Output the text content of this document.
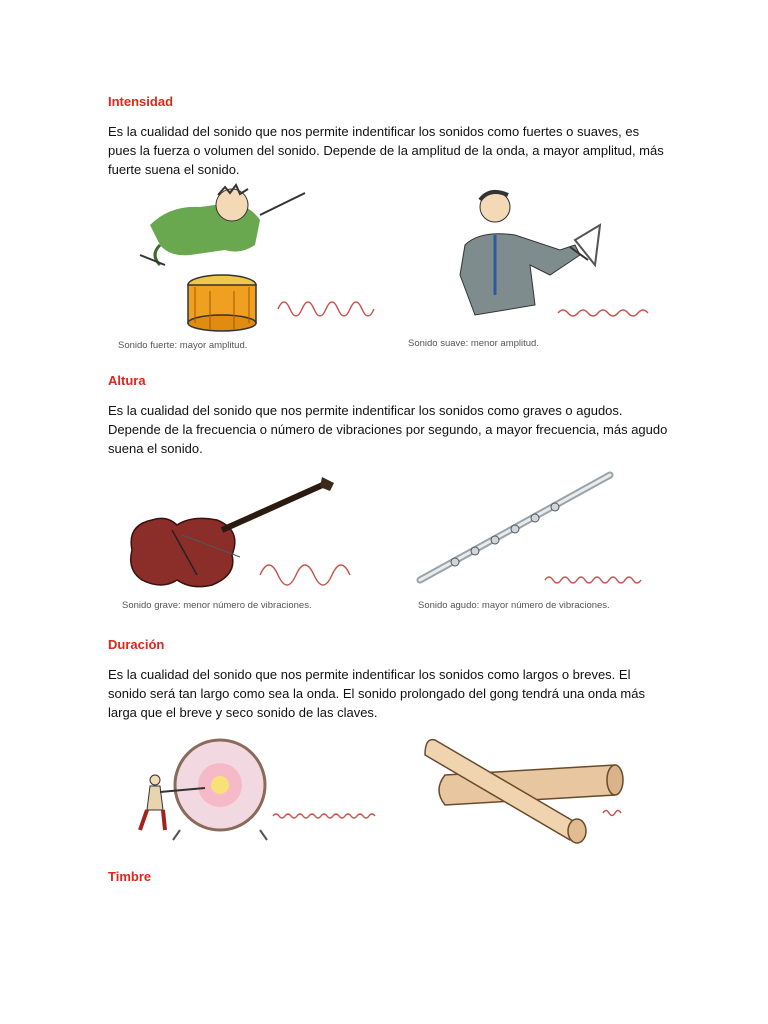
Intensidad
Es la cualidad del sonido que nos permite indentificar los sonidos como fuertes o suaves, es pues la fuerza o volumen del sonido. Depende de la amplitud de la onda, a mayor amplitud, más fuerte suena el sonido.
Sonido fuerte: mayor amplitud.	Sonido suave: menor amplitud.
Altura
Es la cualidad del sonido que nos permite indentificar los sonidos como graves o agudos. Depende de la frecuencia o número de vibraciones por segundo, a mayor frecuencia, más agudo suena el sonido.
Sonido grave: menor número de vibraciones.	Sonido agudo: mayor número de vibraciones.
Duración
Es la cualidad del sonido que nos permite indentificar los sonidos como largos o breves. El sonido será tan largo como sea la onda. El sonido prolongado del gong tendrá una onda más larga que el breve y seco sonido de las claves.
Timbre
